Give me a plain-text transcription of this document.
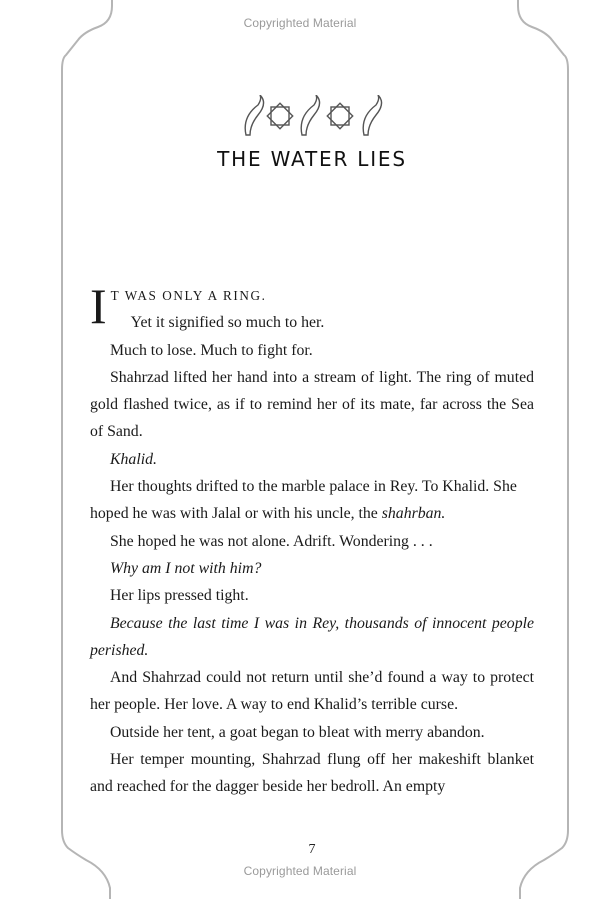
Copyrighted Material
THE WATER LIES

I T WAS ONLY A RING.

Yet it signified so much to her.

Much to lose. Much to fight for.

Shahrzad lifted her hand into a stream of light. The ring of muted gold flashed twice, as if to remind her of its mate, far across the Sea of Sand.

Khalid.

Her thoughts drifted to the marble palace in Rey. To Khalid. She hoped he was with Jalal or with his uncle, the shahrban.

She hoped he was not alone. Adrift. Wondering . . .

Why am I not with him?

Her lips pressed tight.

Because the last time I was in Rey, thousands of innocent people perished.

And Shahrzad could not return until she’d found a way to protect her people. Her love. A way to end Khalid’s terrible curse.

Outside her tent, a goat began to bleat with merry abandon.

Her temper mounting, Shahrzad flung off her makeshift blanket and reached for the dagger beside her bedroll. An empty

7
Copyrighted Material
